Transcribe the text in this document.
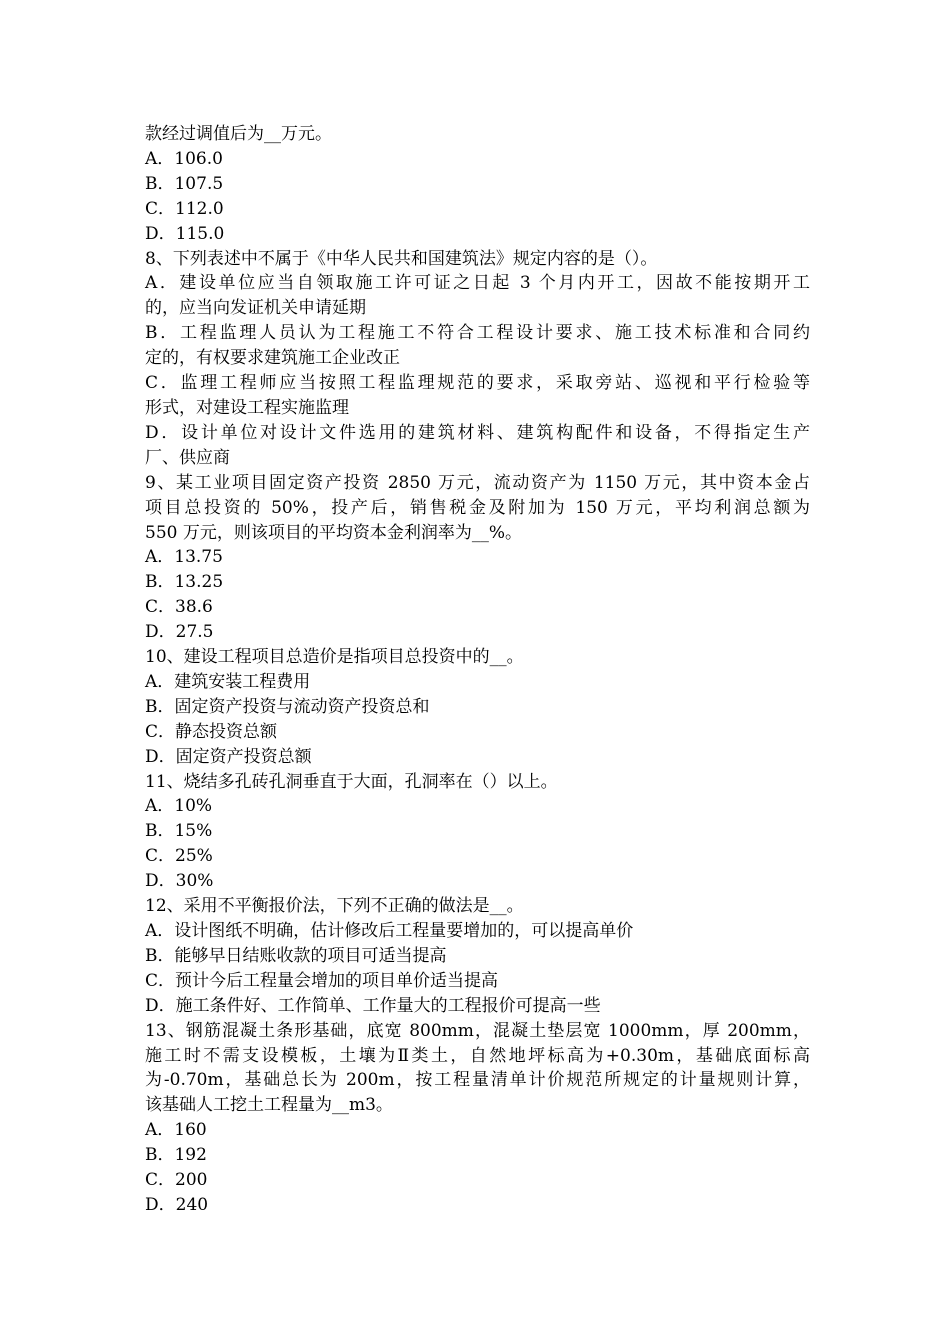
款经过调值后为__万元。

A．106.0

B．107.5

C．112.0

D．115.0

8、下列表述中不属于《中华人民共和国建筑法》规定内容的是（）。

A．建设单位应当自领取施工许可证之日起 3 个月内开工，因故不能按期开工

的，应当向发证机关申请延期

B．工程监理人员认为工程施工不符合工程设计要求、施工技术标准和合同约

定的，有权要求建筑施工企业改正

C．监理工程师应当按照工程监理规范的要求，采取旁站、巡视和平行检验等

形式，对建设工程实施监理

D．设计单位对设计文件选用的建筑材料、建筑构配件和设备，不得指定生产

厂、供应商

9、某工业项目固定资产投资 2850 万元，流动资产为 1150 万元，其中资本金占

项目总投资的 50%，投产后，销售税金及附加为 150 万元，平均利润总额为

550 万元，则该项目的平均资本金利润率为__%。

A．13.75

B．13.25

C．38.6

D．27.5

10、建设工程项目总造价是指项目总投资中的__。

A．建筑安装工程费用

B．固定资产投资与流动资产投资总和

C．静态投资总额

D．固定资产投资总额

11、烧结多孔砖孔洞垂直于大面，孔洞率在（）以上。

A．10%

B．15%

C．25%

D．30%

12、采用不平衡报价法，下列不正确的做法是__。

A．设计图纸不明确，估计修改后工程量要增加的，可以提高单价

B．能够早日结账收款的项目可适当提高

C．预计今后工程量会增加的项目单价适当提高

D．施工条件好、工作简单、工作量大的工程报价可提高一些

13、钢筋混凝土条形基础，底宽 800mm，混凝土垫层宽 1000mm，厚 200mm，

施工时不需支设模板，土壤为Ⅱ类土，自然地坪标高为+0.30m，基础底面标高

为-0.70m，基础总长为 200m，按工程量清单计价规范所规定的计量规则计算，

该基础人工挖土工程量为__m3。

A．160

B．192

C．200

D．240
